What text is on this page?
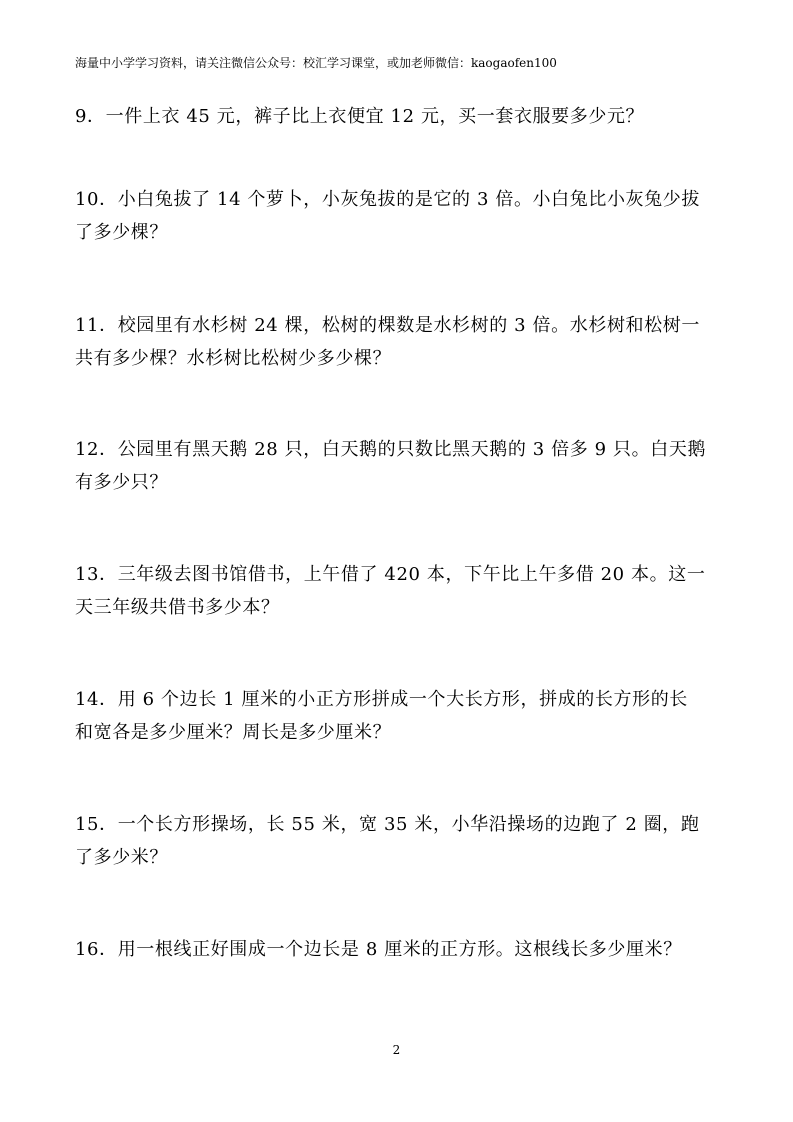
海量中小学学习资料，请关注微信公众号：校汇学习课堂，或加老师微信：kaogaofen100
9．一件上衣 45 元，裤子比上衣便宜 12 元，买一套衣服要多少元？
10．小白兔拔了 14 个萝卜，小灰兔拔的是它的 3 倍。小白兔比小灰兔少拔
了多少棵？
11．校园里有水杉树 24 棵，松树的棵数是水杉树的 3 倍。水杉树和松树一
共有多少棵？水杉树比松树少多少棵？
12．公园里有黑天鹅 28 只，白天鹅的只数比黑天鹅的 3 倍多 9 只。白天鹅
有多少只？
13．三年级去图书馆借书，上午借了 420 本，下午比上午多借 20 本。这一
天三年级共借书多少本？
14．用 6 个边长 1 厘米的小正方形拼成一个大长方形，拼成的长方形的长
和宽各是多少厘米？周长是多少厘米？
15．一个长方形操场，长 55 米，宽 35 米，小华沿操场的边跑了 2 圈，跑
了多少米？
16．用一根线正好围成一个边长是 8 厘米的正方形。这根线长多少厘米？
2
